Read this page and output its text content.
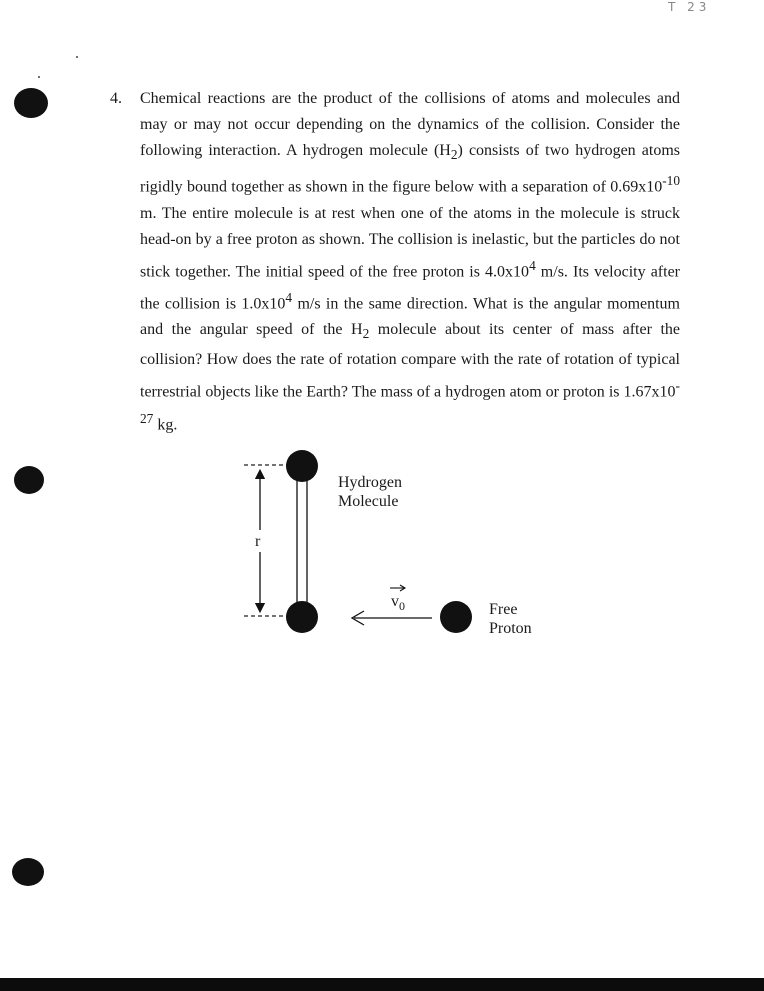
T 23
4. Chemical reactions are the product of the collisions of atoms and molecules and may or may not occur depending on the dynamics of the collision. Consider the following interaction. A hydrogen molecule $(H_2)$ consists of two hydrogen atoms rigidly bound together as shown in the figure below with a separation of $0.69x10^{-10}$ m. The entire molecule is at rest when one of the atoms in the molecule is struck head-on by a free proton as shown. The collision is inelastic, but the particles do not stick together. The initial speed of the free proton is $4.0x10^4$ m/s. Its velocity after the collision is $1.0x10^4$ m/s in the same direction. What is the angular momentum and the angular speed of the $H_2$ molecule about its center of mass after the collision? How does the rate of rotation compare with the rate of rotation of typical terrestrial objects like the Earth? The mass of a hydrogen atom or proton is $1.67x10^{-27}$ kg.
r
Hydrogen
Molecule
$v_0$	Free
Proton
